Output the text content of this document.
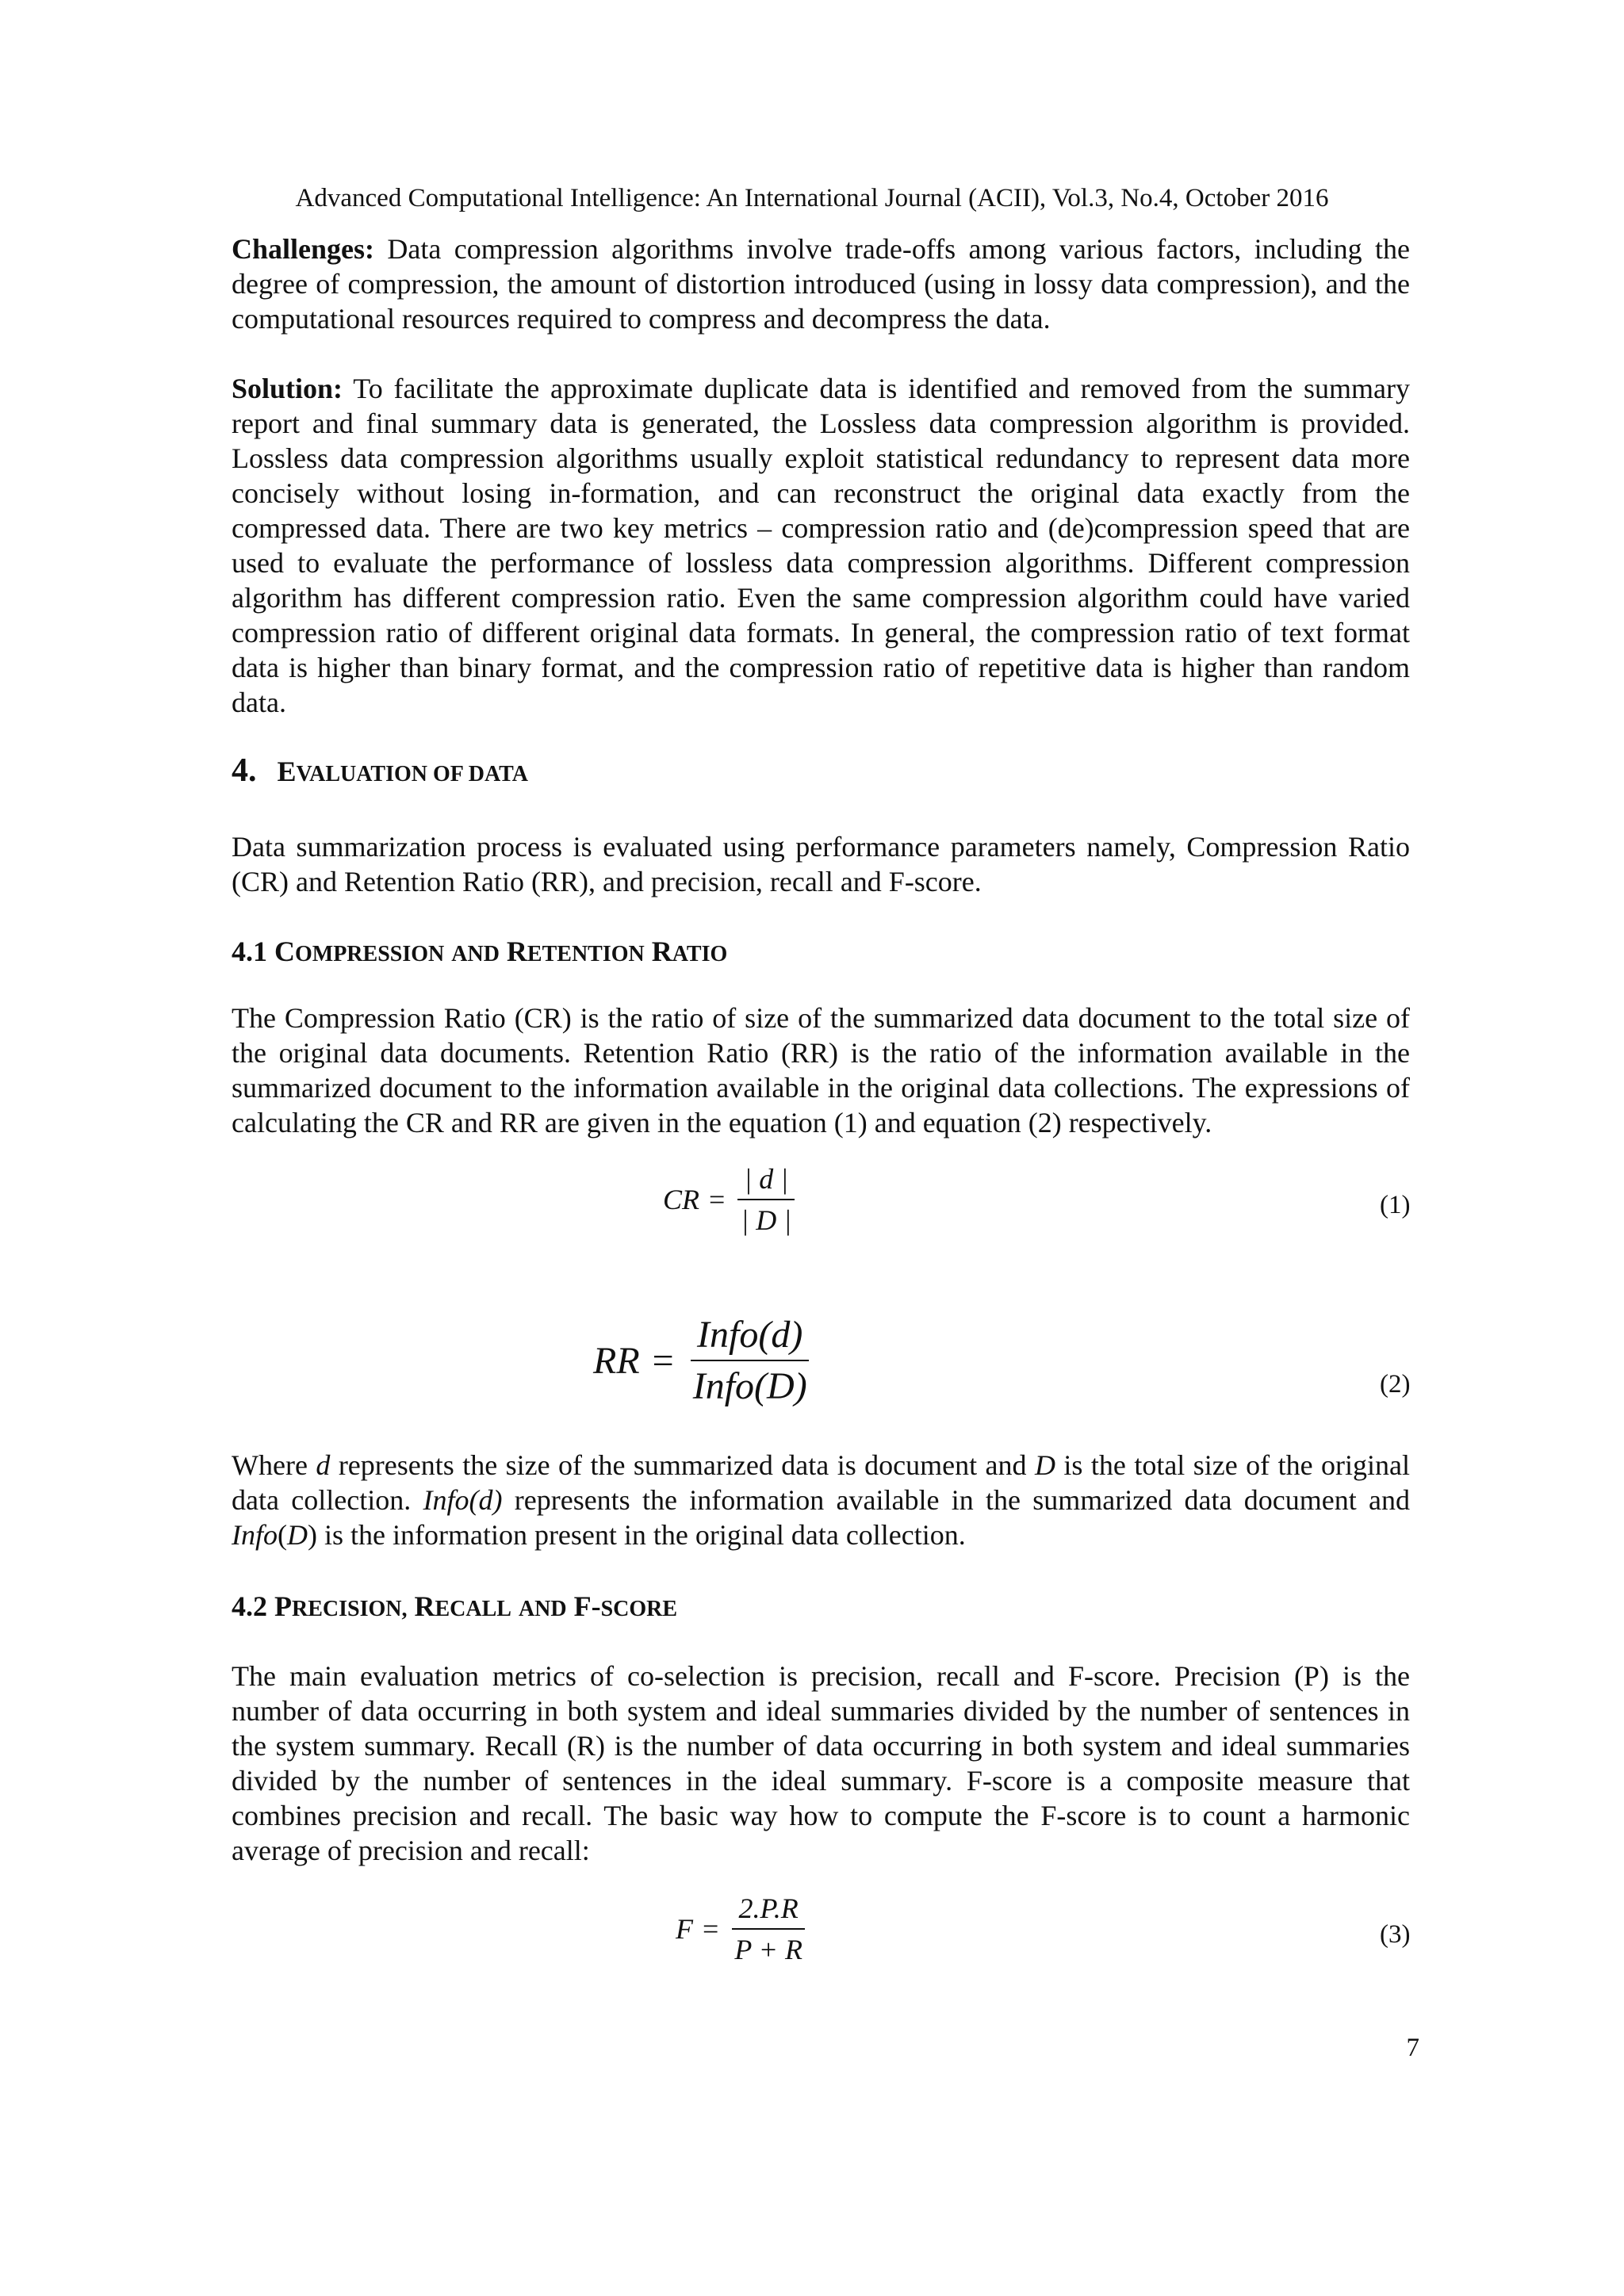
Advanced Computational Intelligence: An International Journal (ACII), Vol.3, No.4, October 2016

Challenges: Data compression algorithms involve trade-offs among various factors, including the degree of compression, the amount of distortion introduced (using in lossy data compression), and the computational resources required to compress and decompress the data.

Solution: To facilitate the approximate duplicate data is identified and removed from the summary report and final summary data is generated, the Lossless data compression algorithm is provided. Lossless data compression algorithms usually exploit statistical redundancy to represent data more concisely without losing in-formation, and can reconstruct the original data exactly from the compressed data. There are two key metrics – compression ratio and (de)compression speed that are used to evaluate the performance of lossless data compression algorithms. Different compression algorithm has different compression ratio. Even the same compression algorithm could have varied compression ratio of different original data formats. In general, the compression ratio of text format data is higher than binary format, and the compression ratio of repetitive data is higher than random data.

4. EVALUATION OF DATA

Data summarization process is evaluated using performance parameters namely, Compression Ratio (CR) and Retention Ratio (RR), and precision, recall and F-score.

4.1 COMPRESSION AND RETENTION RATIO

The Compression Ratio (CR) is the ratio of size of the summarized data document to the total size of the original data documents. Retention Ratio (RR) is the ratio of the information available in the summarized document to the information available in the original data collections. The expressions of calculating the CR and RR are given in the equation (1) and equation (2) respectively.

CR = $\frac{| d |}{| D |}$	(1)
RR = $\frac{\text{Info(d)}}{\text{Info(D)}}$	(2)

Where d represents the size of the summarized data is document and D is the total size of the original data collection. Info(d) represents the information available in the summarized data document and Info(D) is the information present in the original data collection.

4.2 PRECISION, RECALL AND F-SCORE

The main evaluation metrics of co-selection is precision, recall and F-score. Precision (P) is the number of data occurring in both system and ideal summaries divided by the number of sentences in the system summary. Recall (R) is the number of data occurring in both system and ideal summaries divided by the number of sentences in the ideal summary. F-score is a composite measure that combines precision and recall. The basic way how to compute the F-score is to count a harmonic average of precision and recall:

$F = \frac{2.P.R}{P + R}$	(3)
7
